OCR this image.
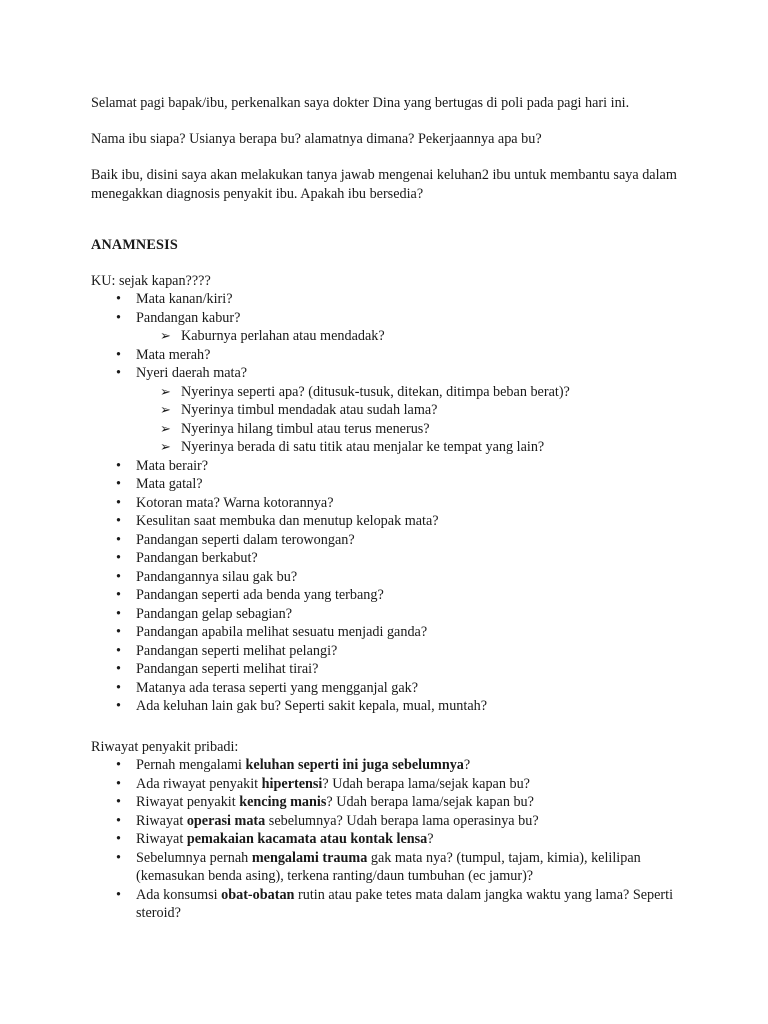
Selamat pagi bapak/ibu, perkenalkan saya dokter Dina yang bertugas di poli pada pagi hari ini.

Nama ibu siapa? Usianya berapa bu? alamatnya dimana? Pekerjaannya apa bu?

Baik ibu, disini saya akan melakukan tanya jawab mengenai keluhan2 ibu untuk membantu saya dalam menegakkan diagnosis penyakit ibu. Apakah ibu bersedia?

ANAMNESIS

KU: sejak kapan????

• Mata kanan/kiri?
• Pandangan kabur?
➢ Kaburnya perlahan atau mendadak?
• Mata merah?
• Nyeri daerah mata?
➢ Nyerinya seperti apa? (ditusuk-tusuk, ditekan, ditimpa beban berat)?
➢ Nyerinya timbul mendadak atau sudah lama?
➢ Nyerinya hilang timbul atau terus menerus?
➢ Nyerinya berada di satu titik atau menjalar ke tempat yang lain?
• Mata berair?
• Mata gatal?
• Kotoran mata? Warna kotorannya?
• Kesulitan saat membuka dan menutup kelopak mata?
• Pandangan seperti dalam terowongan?
• Pandangan berkabut?
• Pandangannya silau gak bu?
• Pandangan seperti ada benda yang terbang?
• Pandangan gelap sebagian?
• Pandangan apabila melihat sesuatu menjadi ganda?
• Pandangan seperti melihat pelangi?
• Pandangan seperti melihat tirai?
• Matanya ada terasa seperti yang mengganjal gak?
• Ada keluhan lain gak bu? Seperti sakit kepala, mual, muntah?

Riwayat penyakit pribadi:

• Pernah mengalami keluhan seperti ini juga sebelumnya?
• Ada riwayat penyakit hipertensi? Udah berapa lama/sejak kapan bu?
• Riwayat penyakit kencing manis? Udah berapa lama/sejak kapan bu?
• Riwayat operasi mata sebelumnya? Udah berapa lama operasinya bu?
• Riwayat pemakaian kacamata atau kontak lensa?
• Sebelumnya pernah mengalami trauma gak mata nya? (tumpul, tajam, kimia), kelilipan (kemasukan benda asing), terkena ranting/daun tumbuhan (ec jamur)?
• Ada konsumsi obat-obatan rutin atau pake tetes mata dalam jangka waktu yang lama? Seperti steroid?
